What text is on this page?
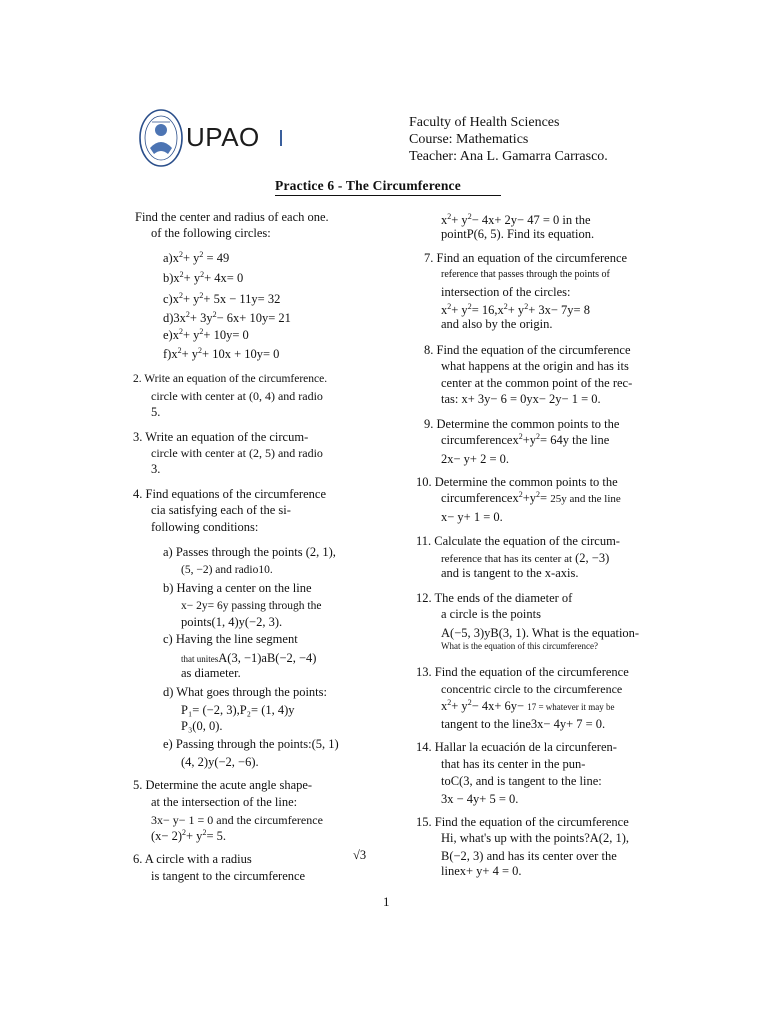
UPAO	Faculty of Health Sciences
Course: Mathematics
Teacher: Ana L. Gamarra Carrasco.
Practice 6 - The Circumference
Find the center and radius of each one.
of the following circles:
$a)x^2+ y^2 = 49$
$b)x^2+ y^2+ 4x= 0$
$c)x^2+ y^2+ 5x - 11y= 32$
$d)3x^2+ 3y^2- 6x+ 10y= 21$
$e)x^2+ y^2+ 10y= 0$
$f)x^2+ y^2+ 10x + 10y= 0$
2. Write an equation of the circumference.
circle with center at (0, 4) and radio
5.
3. Write an equation of the circum-
circle with center at (2, 5) and radio
3.
4. Find equations of the circumference
cia satisfying each of the si-
following conditions:
a) Passes through the points (2, 1),
(5, −2) and radio10.
b) Having a center on the line
x− 2y= 6y passing through the
points(1, 4)y(−2, 3).
c) Having the line segment
that unitesA(3, −1)aB(−2, −4)
as diameter.
d) What goes through the points:
P₁= (−2, 3),P₂= (1, 4)y
P₃(0, 0).
e) Passing through the points:(5, 1)
(4, 2)y(−2, −6).
5. Determine the acute angle shape-
at the intersection of the line:
3x− y− 1 = 0 and the circumference
$(x- 2)^2+ y^2= 5$.
6. A circle with a radius	√3
is tangent to the circumference
$x^2+ y^2- 4x+ 2y- 47 = 0$ in the
pointP(6, 5). Find its equation.
7. Find an equation of the circumference
reference that passes through the points of
intersection of the circles:
$x^2+ y^2= 16,x^2+ y^2+ 3x- 7y= 8$
and also by the origin.
8. Find the equation of the circumference
what happens at the origin and has its
center at the common point of the rec-
tas: x+ 3y− 6 = 0yx− 2y− 1 = 0.
9. Determine the common points to the
$circumferencex^2+y^2= 64y$ the line
2x− y+ 2 = 0.
10. Determine the common points to the
$circumferencex^2+y^2= 25y$ and the line
x− y+ 1 = 0.
11. Calculate the equation of the circum-
reference that has its center at (2, −3)
and is tangent to the x-axis.
12. The ends of the diameter of
a circle is the points
A(−5, 3)yB(3, 1). What is the equation-
What is the equation of this circumference?
13. Find the equation of the circumference
concentric circle to the circumference
$x^2+ y^2- 4x+ 6y- 17$ = whatever it may be
tangent to the line3x− 4y+ 7 = 0.
14. Hallar la ecuación de la circunferen-
that has its center in the pun-
toC(3, and is tangent to the line:
3x − 4y+ 5 = 0.
15. Find the equation of the circumference
Hi, what's up with the points?A(2, 1),
B(−2, 3) and has its center over the
linex+ y+ 4 = 0.
1
